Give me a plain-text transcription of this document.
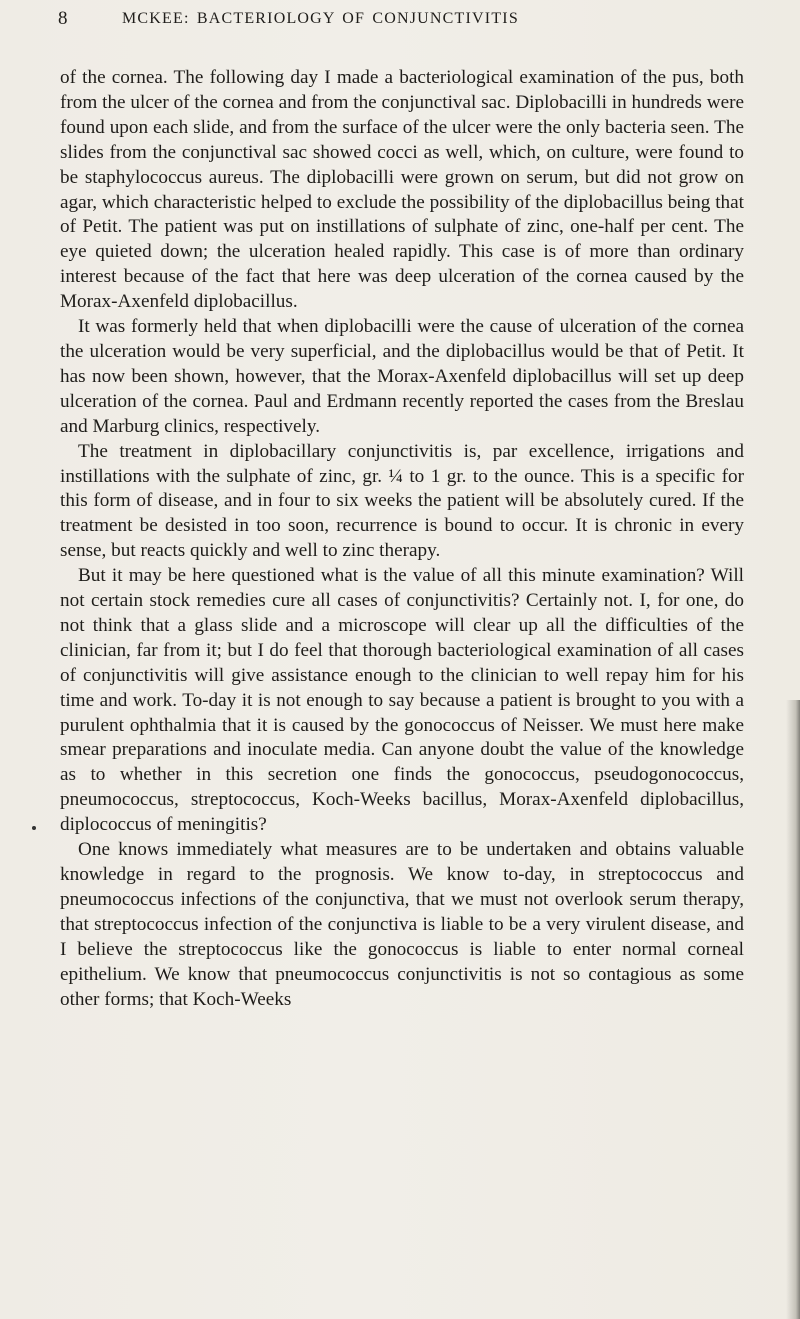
8	MCKEE: BACTERIOLOGY OF CONJUNCTIVITIS

of the cornea. The following day I made a bacteriological examination of the pus, both from the ulcer of the cornea and from the conjunctival sac. Diplobacilli in hundreds were found upon each slide, and from the surface of the ulcer were the only bacteria seen. The slides from the conjunctival sac showed cocci as well, which, on culture, were found to be staphylococcus aureus. The diplobacilli were grown on serum, but did not grow on agar, which characteristic helped to exclude the possibility of the diplobacillus being that of Petit. The patient was put on instillations of sulphate of zinc, one-half per cent. The eye quieted down; the ulceration healed rapidly. This case is of more than ordinary interest because of the fact that here was deep ulceration of the cornea caused by the Morax-Axenfeld diplobacillus.

It was formerly held that when diplobacilli were the cause of ulceration of the cornea the ulceration would be very superficial, and the diplobacillus would be that of Petit. It has now been shown, however, that the Morax-Axenfeld diplobacillus will set up deep ulceration of the cornea. Paul and Erdmann recently reported the cases from the Breslau and Marburg clinics, respectively.

The treatment in diplobacillary conjunctivitis is, par excellence, irrigations and instillations with the sulphate of zinc, gr. ¼ to 1 gr. to the ounce. This is a specific for this form of disease, and in four to six weeks the patient will be absolutely cured. If the treatment be desisted in too soon, recurrence is bound to occur. It is chronic in every sense, but reacts quickly and well to zinc therapy.

But it may be here questioned what is the value of all this minute examination? Will not certain stock remedies cure all cases of conjunctivitis? Certainly not. I, for one, do not think that a glass slide and a microscope will clear up all the difficulties of the clinician, far from it; but I do feel that thorough bacteriological examination of all cases of conjunctivitis will give assistance enough to the clinician to well repay him for his time and work. To-day it is not enough to say because a patient is brought to you with a purulent ophthalmia that it is caused by the gonococcus of Neisser. We must here make smear preparations and inoculate media. Can anyone doubt the value of the knowledge as to whether in this secretion one finds the gonococcus, pseudogonococcus, pneumococcus, streptococcus, Koch-Weeks bacillus, Morax-Axenfeld diplobacillus, diplococcus of meningitis?

One knows immediately what measures are to be undertaken and obtains valuable knowledge in regard to the prognosis. We know to-day, in streptococcus and pneumococcus infections of the conjunctiva, that we must not overlook serum therapy, that streptococcus infection of the conjunctiva is liable to be a very virulent disease, and I believe the streptococcus like the gonococcus is liable to enter normal corneal epithelium. We know that pneumococcus conjunctivitis is not so contagious as some other forms; that Koch-Weeks
